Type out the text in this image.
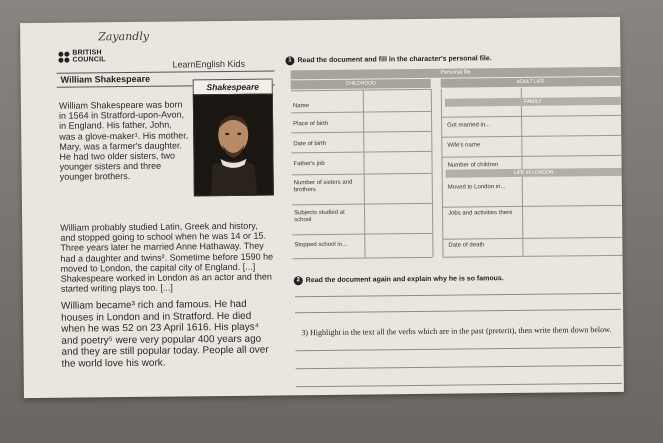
Zayandly
BRITISH
COUNCIL	LearnEnglish Kids
William Shakespeare
Shakespeare

William Shakespeare was born in 1564 in Stratford-upon-Avon, in England. His father, John, was a glove-maker¹. His mother, Mary, was a farmer's daughter. He had two older sisters, two younger sisters and three younger brothers.

William probably studied Latin, Greek and history, and stopped going to school when he was 14 or 15. Three years later he married Anne Hathaway. They had a daughter and twins². Sometime before 1590 he moved to London, the capital city of England. [...] Shakespeare worked in London as an actor and then started writing plays too. [...]

William became³ rich and famous. He had houses in London and in Stratford. He died when he was 52 on 23 April 1616. His plays⁴ and poetry⁵ were very popular 400 years ago and they are still popular today. People all over the world love his work.

1 Read the document and fill in the character's personal file.
Personal file
CHILDHOOD	ADULT LIFE
Name
Place of birth
Date of birth
Father's job
Number of sisters and brothers
Subjects studied at school
Stopped school in...
FAMILY
Got married in...
Wife's name
Number of children
LIFE IN LONDON
Moved to London in...
Jobs and activities there
Date of death
2 Read the document again and explain why he is so famous.

3) Highlight in the text all the verbs which are in the past (preterit), then write them down below.
